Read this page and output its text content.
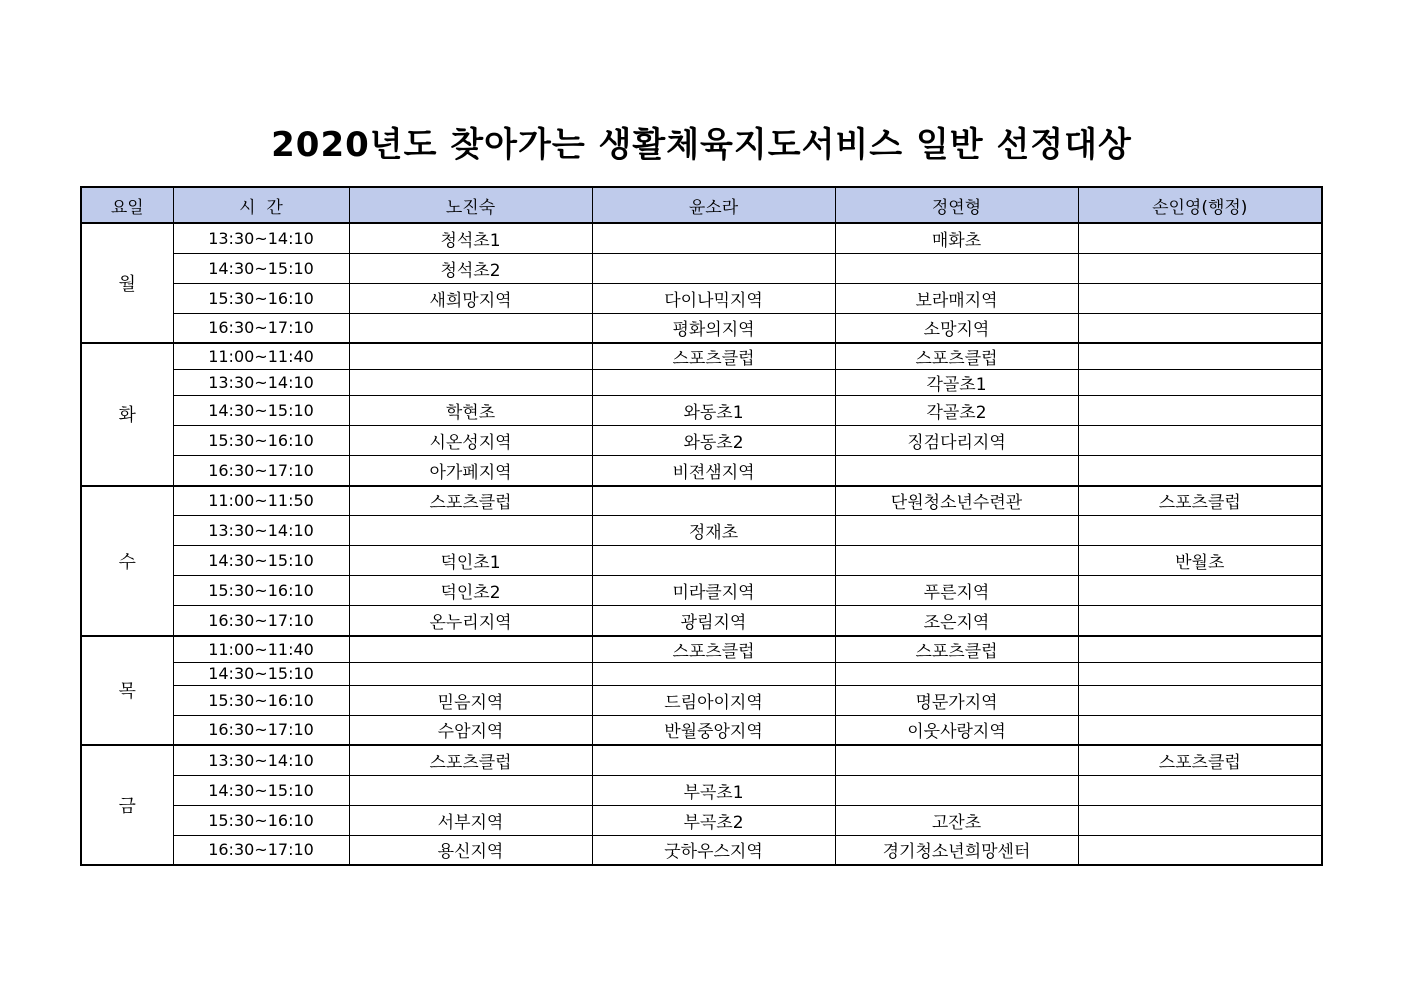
2020년도 찾아가는 생활체육지도서비스 일반 선정대상
요일	시  간	노진숙	윤소라	정연형	손인영(행정)
월	13:30~14:10	청석초1		매화초	
	14:30~15:10	청석초2			
	15:30~16:10	새희망지역	다이나믹지역	보라매지역	
	16:30~17:10		평화의지역	소망지역	
화	11:00~11:40		스포츠클럽	스포츠클럽	
	13:30~14:10			각골초1	
	14:30~15:10	학현초	와동초1	각골초2	
	15:30~16:10	시온성지역	와동초2	징검다리지역	
	16:30~17:10	아가페지역	비젼샘지역		
수	11:00~11:50	스포츠클럽		단원청소년수련관	스포츠클럽
	13:30~14:10		정재초		
	14:30~15:10	덕인초1			반월초
	15:30~16:10	덕인초2	미라클지역	푸른지역	
	16:30~17:10	온누리지역	광림지역	조은지역	
목	11:00~11:40		스포츠클럽	스포츠클럽	
	14:30~15:10				
	15:30~16:10	믿음지역	드림아이지역	명문가지역	
	16:30~17:10	수암지역	반월중앙지역	이웃사랑지역	
금	13:30~14:10	스포츠클럽			스포츠클럽
	14:30~15:10		부곡초1		
	15:30~16:10	서부지역	부곡초2	고잔초	
	16:30~17:10	용신지역	굿하우스지역	경기청소년희망센터	
